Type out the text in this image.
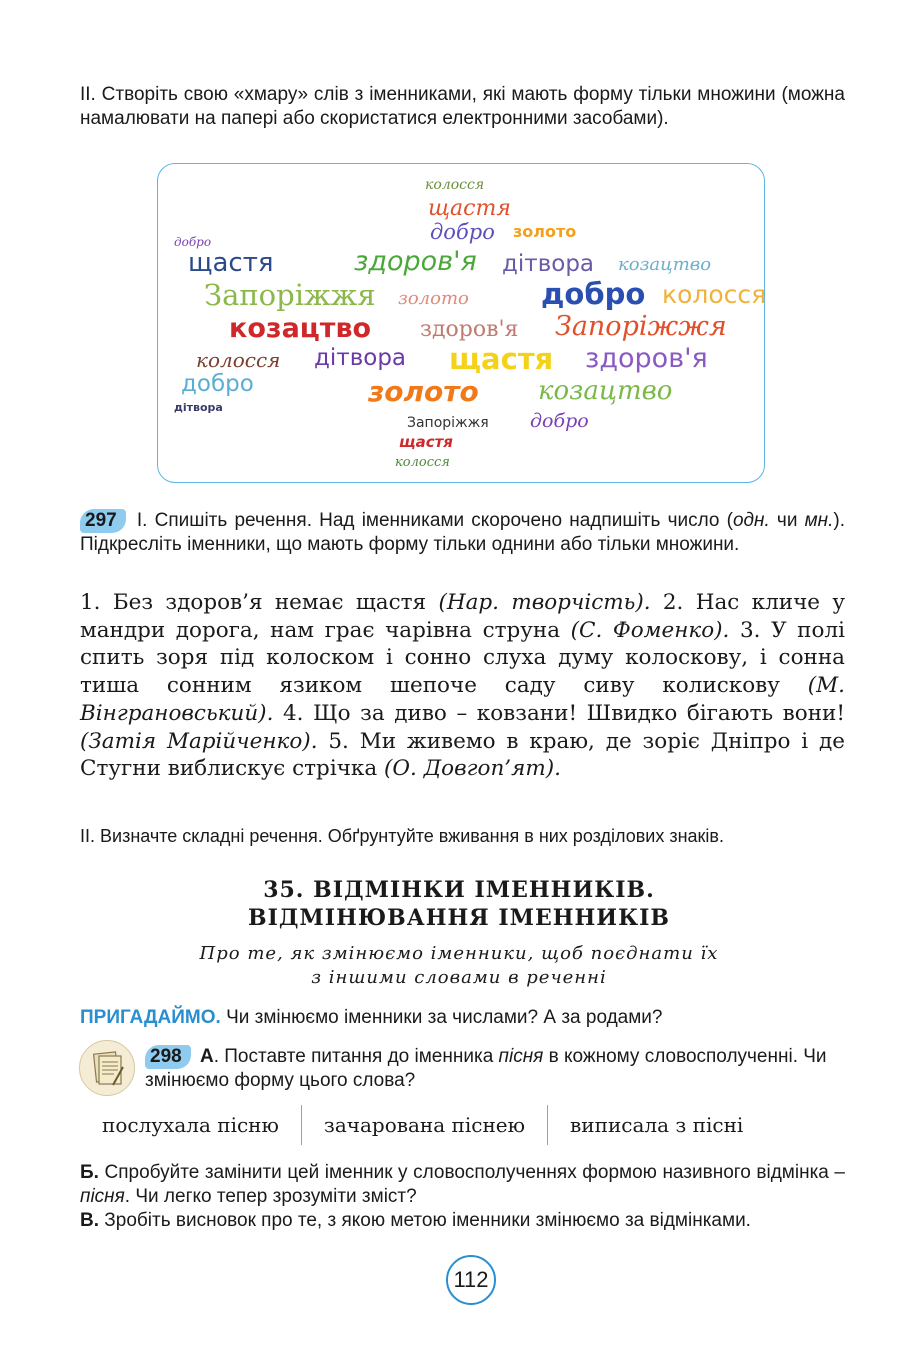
II. Створіть свою «хмару» слів з іменниками, які мають форму тільки множини (можна намалювати на папері або скористатися електронними засобами).

колосся
щастя
добро золото
добро
щастя	здоров'я дітвора козацтво
Запоріжжя золото добро колосся
козацтво здоров'я Запоріжжя
колосся дітвора щастя здоров'я
добро	золото козацтво
дітвора
Запоріжжя добро
щастя
колосся

297 I. Спишіть речення. Над іменниками скорочено надпишіть число (одн. чи мн.). Підкресліть іменники, що мають форму тільки однини або тільки множини.

1. Без здоров’я немає щастя (Нар. творчість). 2. Нас кличе у мандри дорога, нам грає чарівна струна (С. Фоменко). 3. У полі спить зоря під колоском і сонно слуха думу колоскову, і сонна тиша сонним язиком шепоче саду сиву колискову (М. Вінграновський). 4. Що за диво – ковзани! Швидко бігають вони! (Затія Марійченко). 5. Ми живемо в краю, де зоріє Дніпро і де Стугни виблискує стрічка (О. Довгоп’ят).

II. Визначте складні речення. Обґрунтуйте вживання в них розділових знаків.

35. ВІДМІНКИ ІМЕННИКІВ.
ВІДМІНЮВАННЯ ІМЕННИКІВ
Про те, як змінюємо іменники, щоб поєднати їх
з іншими словами в реченні

ПРИГАДАЙМО. Чи змінюємо іменники за числами? А за родами?

298 А. Поставте питання до іменника пісня в кожному словосполученні. Чи змінюємо форму цього слова?

послухала пісню	зачарована піснею	виписала з пісні

Б. Спробуйте замінити цей іменник у словосполученнях формою називного відмінка – пісня. Чи легко тепер зрозуміти зміст?

В. Зробіть висновок про те, з якою метою іменники змінюємо за відмінками.

112
